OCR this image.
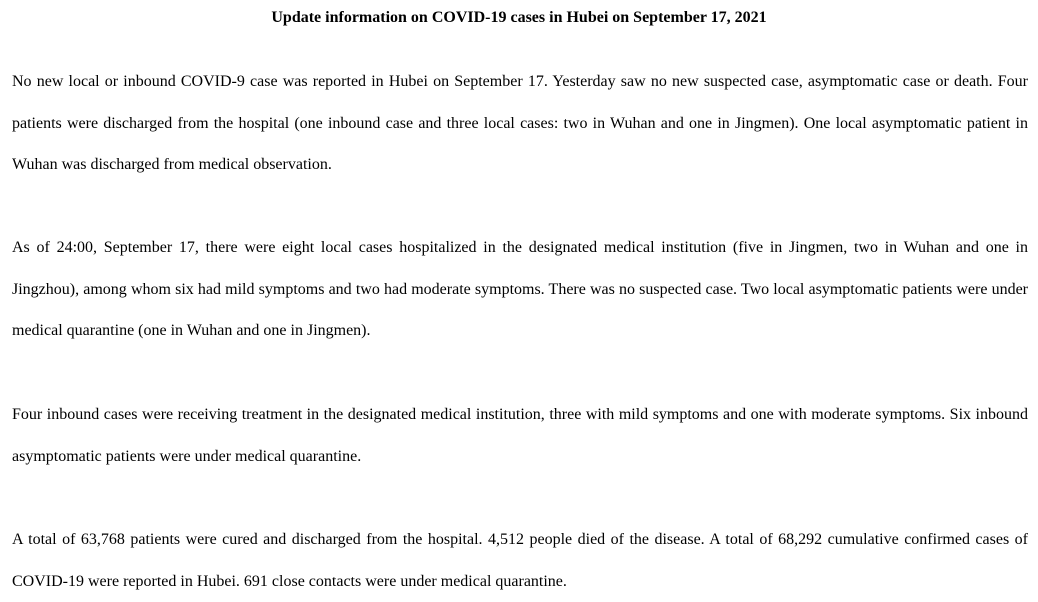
Update information on COVID-19 cases in Hubei on September 17, 2021

No new local or inbound COVID-9 case was reported in Hubei on September 17. Yesterday saw no new suspected case, asymptomatic case or death. Four patients were discharged from the hospital (one inbound case and three local cases: two in Wuhan and one in Jingmen). One local asymptomatic patient in Wuhan was discharged from medical observation.

As of 24:00, September 17, there were eight local cases hospitalized in the designated medical institution (five in Jingmen, two in Wuhan and one in Jingzhou), among whom six had mild symptoms and two had moderate symptoms. There was no suspected case. Two local asymptomatic patients were under medical quarantine (one in Wuhan and one in Jingmen).

Four inbound cases were receiving treatment in the designated medical institution, three with mild symptoms and one with moderate symptoms. Six inbound asymptomatic patients were under medical quarantine.

A total of 63,768 patients were cured and discharged from the hospital. 4,512 people died of the disease. A total of 68,292 cumulative confirmed cases of COVID-19 were reported in Hubei. 691 close contacts were under medical quarantine.
